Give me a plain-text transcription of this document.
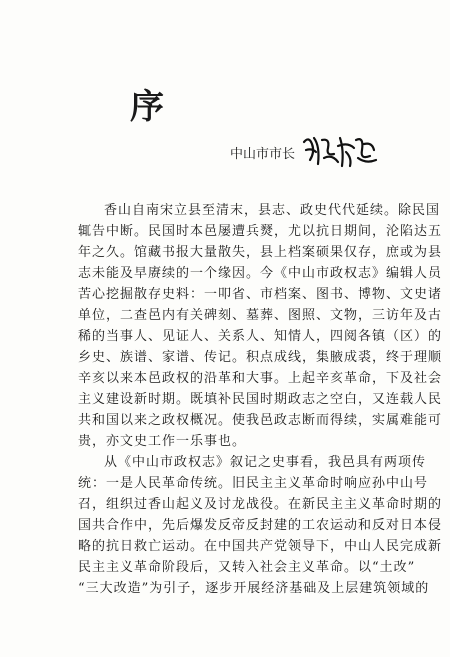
序
中山市市长
香山自南宋立县至清末，县志、政史代代延续。除民国
辄告中断。民国时本邑屡遭兵燹，尤以抗日期间，沦陷达五
年之久。馆藏书报大量散失，县上档案硕果仅存，庶或为县
志未能及早赓续的一个缘因。今《中山市政权志》编辑人员
苦心挖掘散存史料：一叩省、市档案、图书、博物、文史诸
单位，二查邑内有关碑刻、墓葬、图照、文物，三访年及古
稀的当事人、见证人、关系人、知情人，四阅各镇（区）的
乡史、族谱、家谱、传记。积点成线，集腋成裘，终于理顺
辛亥以来本邑政权的沿革和大事。上起辛亥革命，下及社会
主义建设新时期。既填补民国时期政志之空白，又连载人民
共和国以来之政权概况。使我邑政志断而得续，实属难能可
贵，亦文史工作一乐事也。
从《中山市政权志》叙记之史事看，我邑具有两项传
统：一是人民革命传统。旧民主主义革命时响应孙中山号
召，组织过香山起义及讨龙战役。在新民主主义革命时期的
国共合作中，先后爆发反帝反封建的工农运动和反对日本侵
略的抗日救亡运动。在中国共产党领导下，中山人民完成新
民主主义革命阶段后，又转入社会主义革命。以“土改”
“三大改造”为引子，逐步开展经济基础及上层建筑领域的
